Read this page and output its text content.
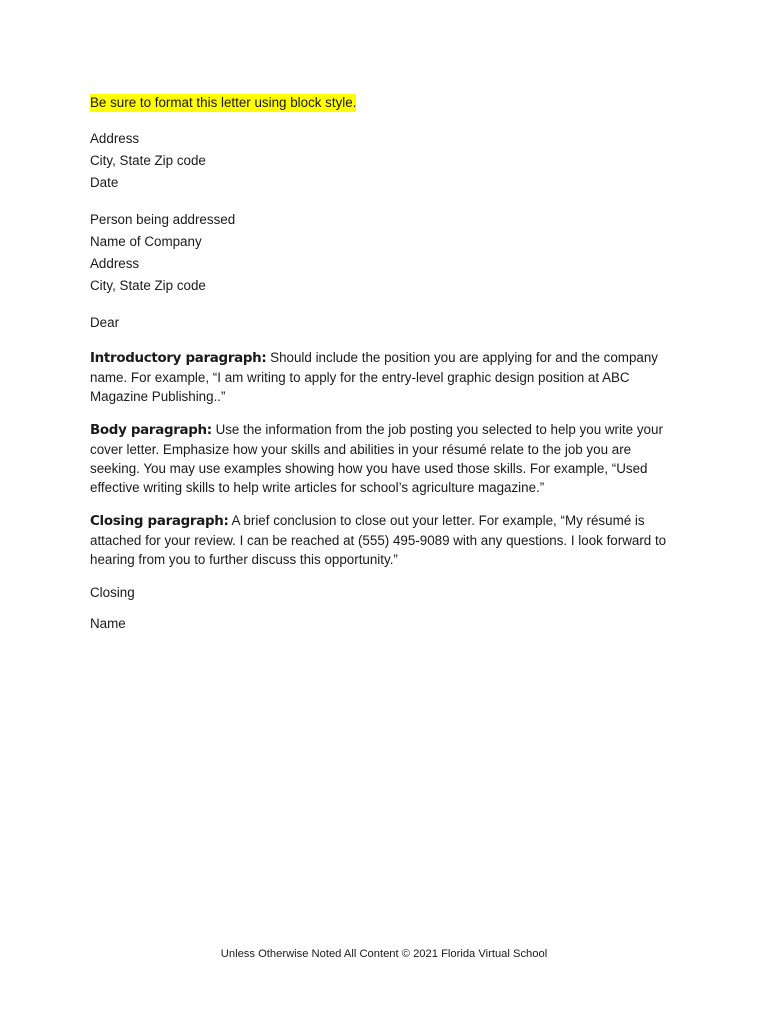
Be sure to format this letter using block style.
Address
City, State Zip code
Date
Person being addressed
Name of Company
Address
City, State Zip code
Dear

Introductory paragraph: Should include the position you are applying for and the company name. For example, “I am writing to apply for the entry-level graphic design position at ABC Magazine Publishing..”

Body paragraph: Use the information from the job posting you selected to help you write your cover letter. Emphasize how your skills and abilities in your résumé relate to the job you are seeking. You may use examples showing how you have used those skills. For example, “Used effective writing skills to help write articles for school’s agriculture magazine.”

Closing paragraph: A brief conclusion to close out your letter. For example, “My résumé is attached for your review. I can be reached at (555) 495-9089 with any questions. I look forward to hearing from you to further discuss this opportunity.”

Closing
Name
Unless Otherwise Noted All Content © 2021 Florida Virtual School
